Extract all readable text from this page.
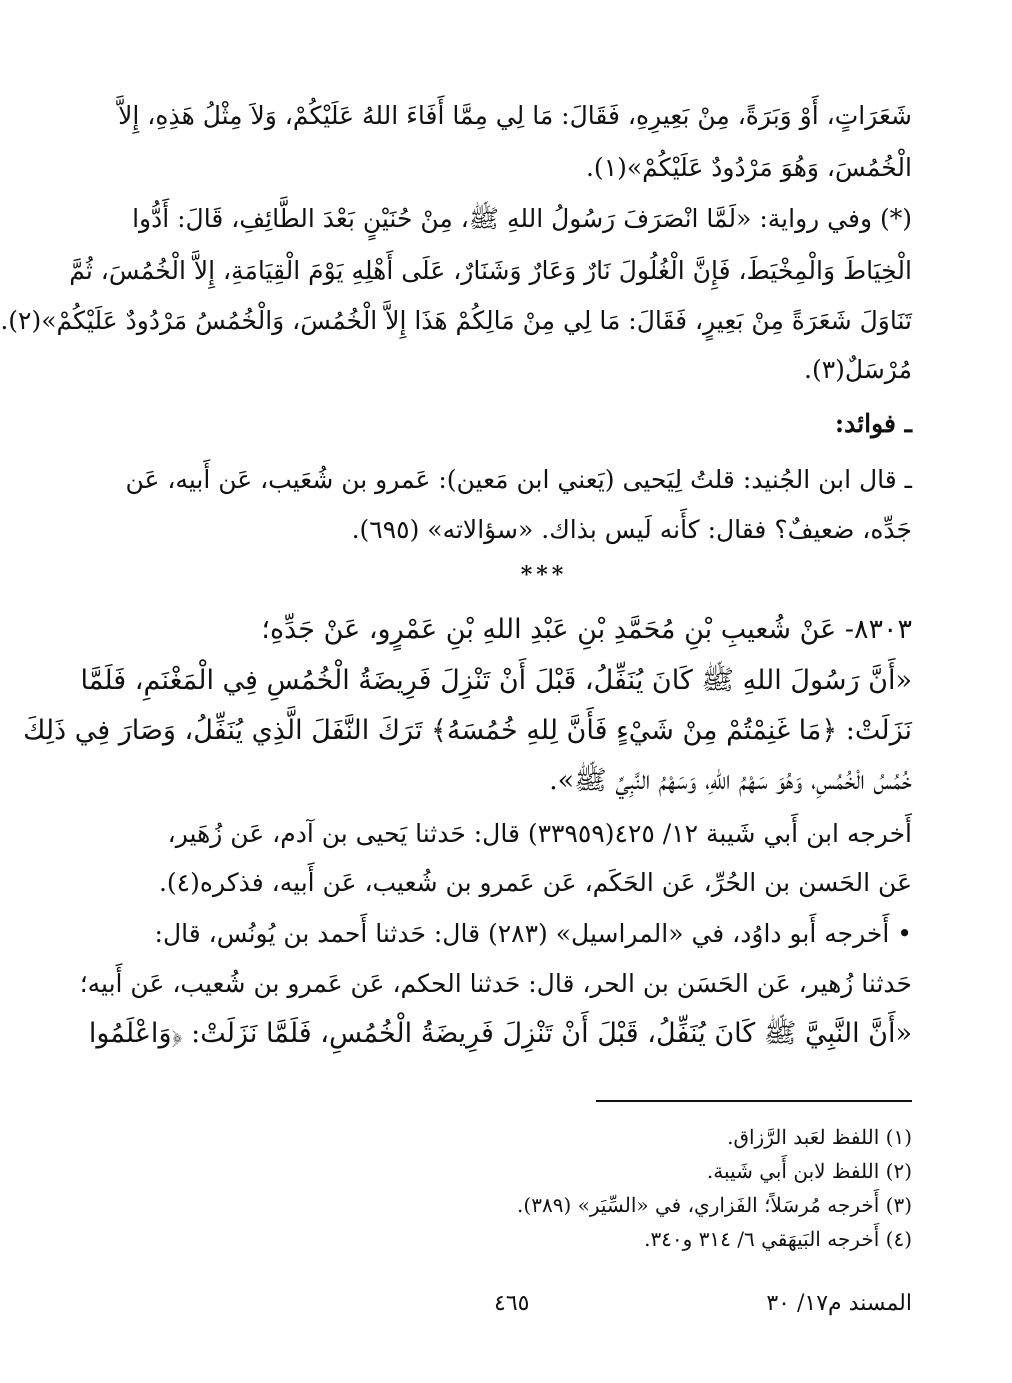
شَعَرَاتٍ، أَوْ وَبَرَةً، مِنْ بَعِيرِهِ، فَقَالَ: مَا لِي مِمَّا أَفَاءَ اللهُ عَلَيْكُمْ، وَلاَ مِثْلُ هَذِهِ، إِلاَّ
الْخُمُسَ، وَهُوَ مَرْدُودٌ عَلَيْكُمْ»(١).
(*) وفي رواية: «لَمَّا انْصَرَفَ رَسُولُ اللهِ ﷺ، مِنْ حُنَيْنٍ بَعْدَ الطَّائِفِ، قَالَ: أَدُّوا
الْخِيَاطَ وَالْمِخْيَطَ، فَإِنَّ الْغُلُولَ نَارٌ وَعَارٌ وَشَنَارٌ، عَلَى أَهْلِهِ يَوْمَ الْقِيَامَةِ، إِلاَّ الْخُمُسَ، ثُمَّ
تَنَاوَلَ شَعَرَةً مِنْ بَعِيرٍ، فَقَالَ: مَا لِي مِنْ مَالِكُمْ هَذَا إِلاَّ الْخُمُسَ، وَالْخُمُسُ مَرْدُودٌ عَلَيْكُمْ»(٢).
مُرْسَلٌ(٣).
ـ فوائد:
ـ قال ابن الجُنيد: قلتُ لِيَحيى (يَعني ابن مَعين): عَمرو بن شُعَيب، عَن أَبيه، عَن
جَدِّه، ضعيفٌ؟ فقال: كأَنه لَيس بذاك. «سؤالاته» (٦٩٥).
***
٨٣٠٣- عَنْ شُعيبِ بْنِ مُحَمَّدِ بْنِ عَبْدِ اللهِ بْنِ عَمْرٍو، عَنْ جَدِّهِ؛
«أَنَّ رَسُولَ اللهِ ﷺ كَانَ يُنَفِّلُ، قَبْلَ أَنْ تَنْزِلَ فَرِيضَةُ الْخُمُسِ فِي الْمَغْنَمِ، فَلَمَّا
نَزَلَتْ: ﴿مَا غَنِمْتُمْ مِنْ شَيْءٍ فَأَنَّ لِلهِ خُمُسَهُ﴾ تَرَكَ النَّفَلَ الَّذِي يُنَفِّلُ، وَصَارَ فِي ذَلِكَ
خُمُسُ الْخُمُسِ، وَهُوَ سَهْمُ اللهِ، وَسَهْمُ النَّبِيِّ ﷺ».
أَخرجه ابن أَبي شَيبة ١٢/ ٤٢٥(٣٣٩٥٩) قال: حَدثنا يَحيى بن آدم، عَن زُهَير،
عَن الحَسن بن الحُرِّ، عَن الحَكَم، عَن عَمرو بن شُعيب، عَن أَبيه، فذكره(٤).
• أَخرجه أَبو داوُد، في «المراسيل» (٢٨٣) قال: حَدثنا أَحمد بن يُونُس، قال:
حَدثنا زُهير، عَن الحَسَن بن الحر، قال: حَدثنا الحكم، عَن عَمرو بن شُعيب، عَن أَبيه؛
«أَنَّ النَّبِيَّ ﷺ كَانَ يُنَفِّلُ، قَبْلَ أَنْ تَنْزِلَ فَرِيضَةُ الْخُمُسِ، فَلَمَّا نَزَلَتْ: ﴿وَاعْلَمُوا
(١) اللفظ لعَبد الرَّزاق.
(٢) اللفظ لابن أَبي شَيبة.
(٣) أَخرجه مُرسَلاً؛ الفَزاري، في «السِّيَر» (٣٨٩).
(٤) أَخرجه البَيهَقي ٦/ ٣١٤ و٣٤٠.
المسند م١٧/ ٣٠
٤٦٥
